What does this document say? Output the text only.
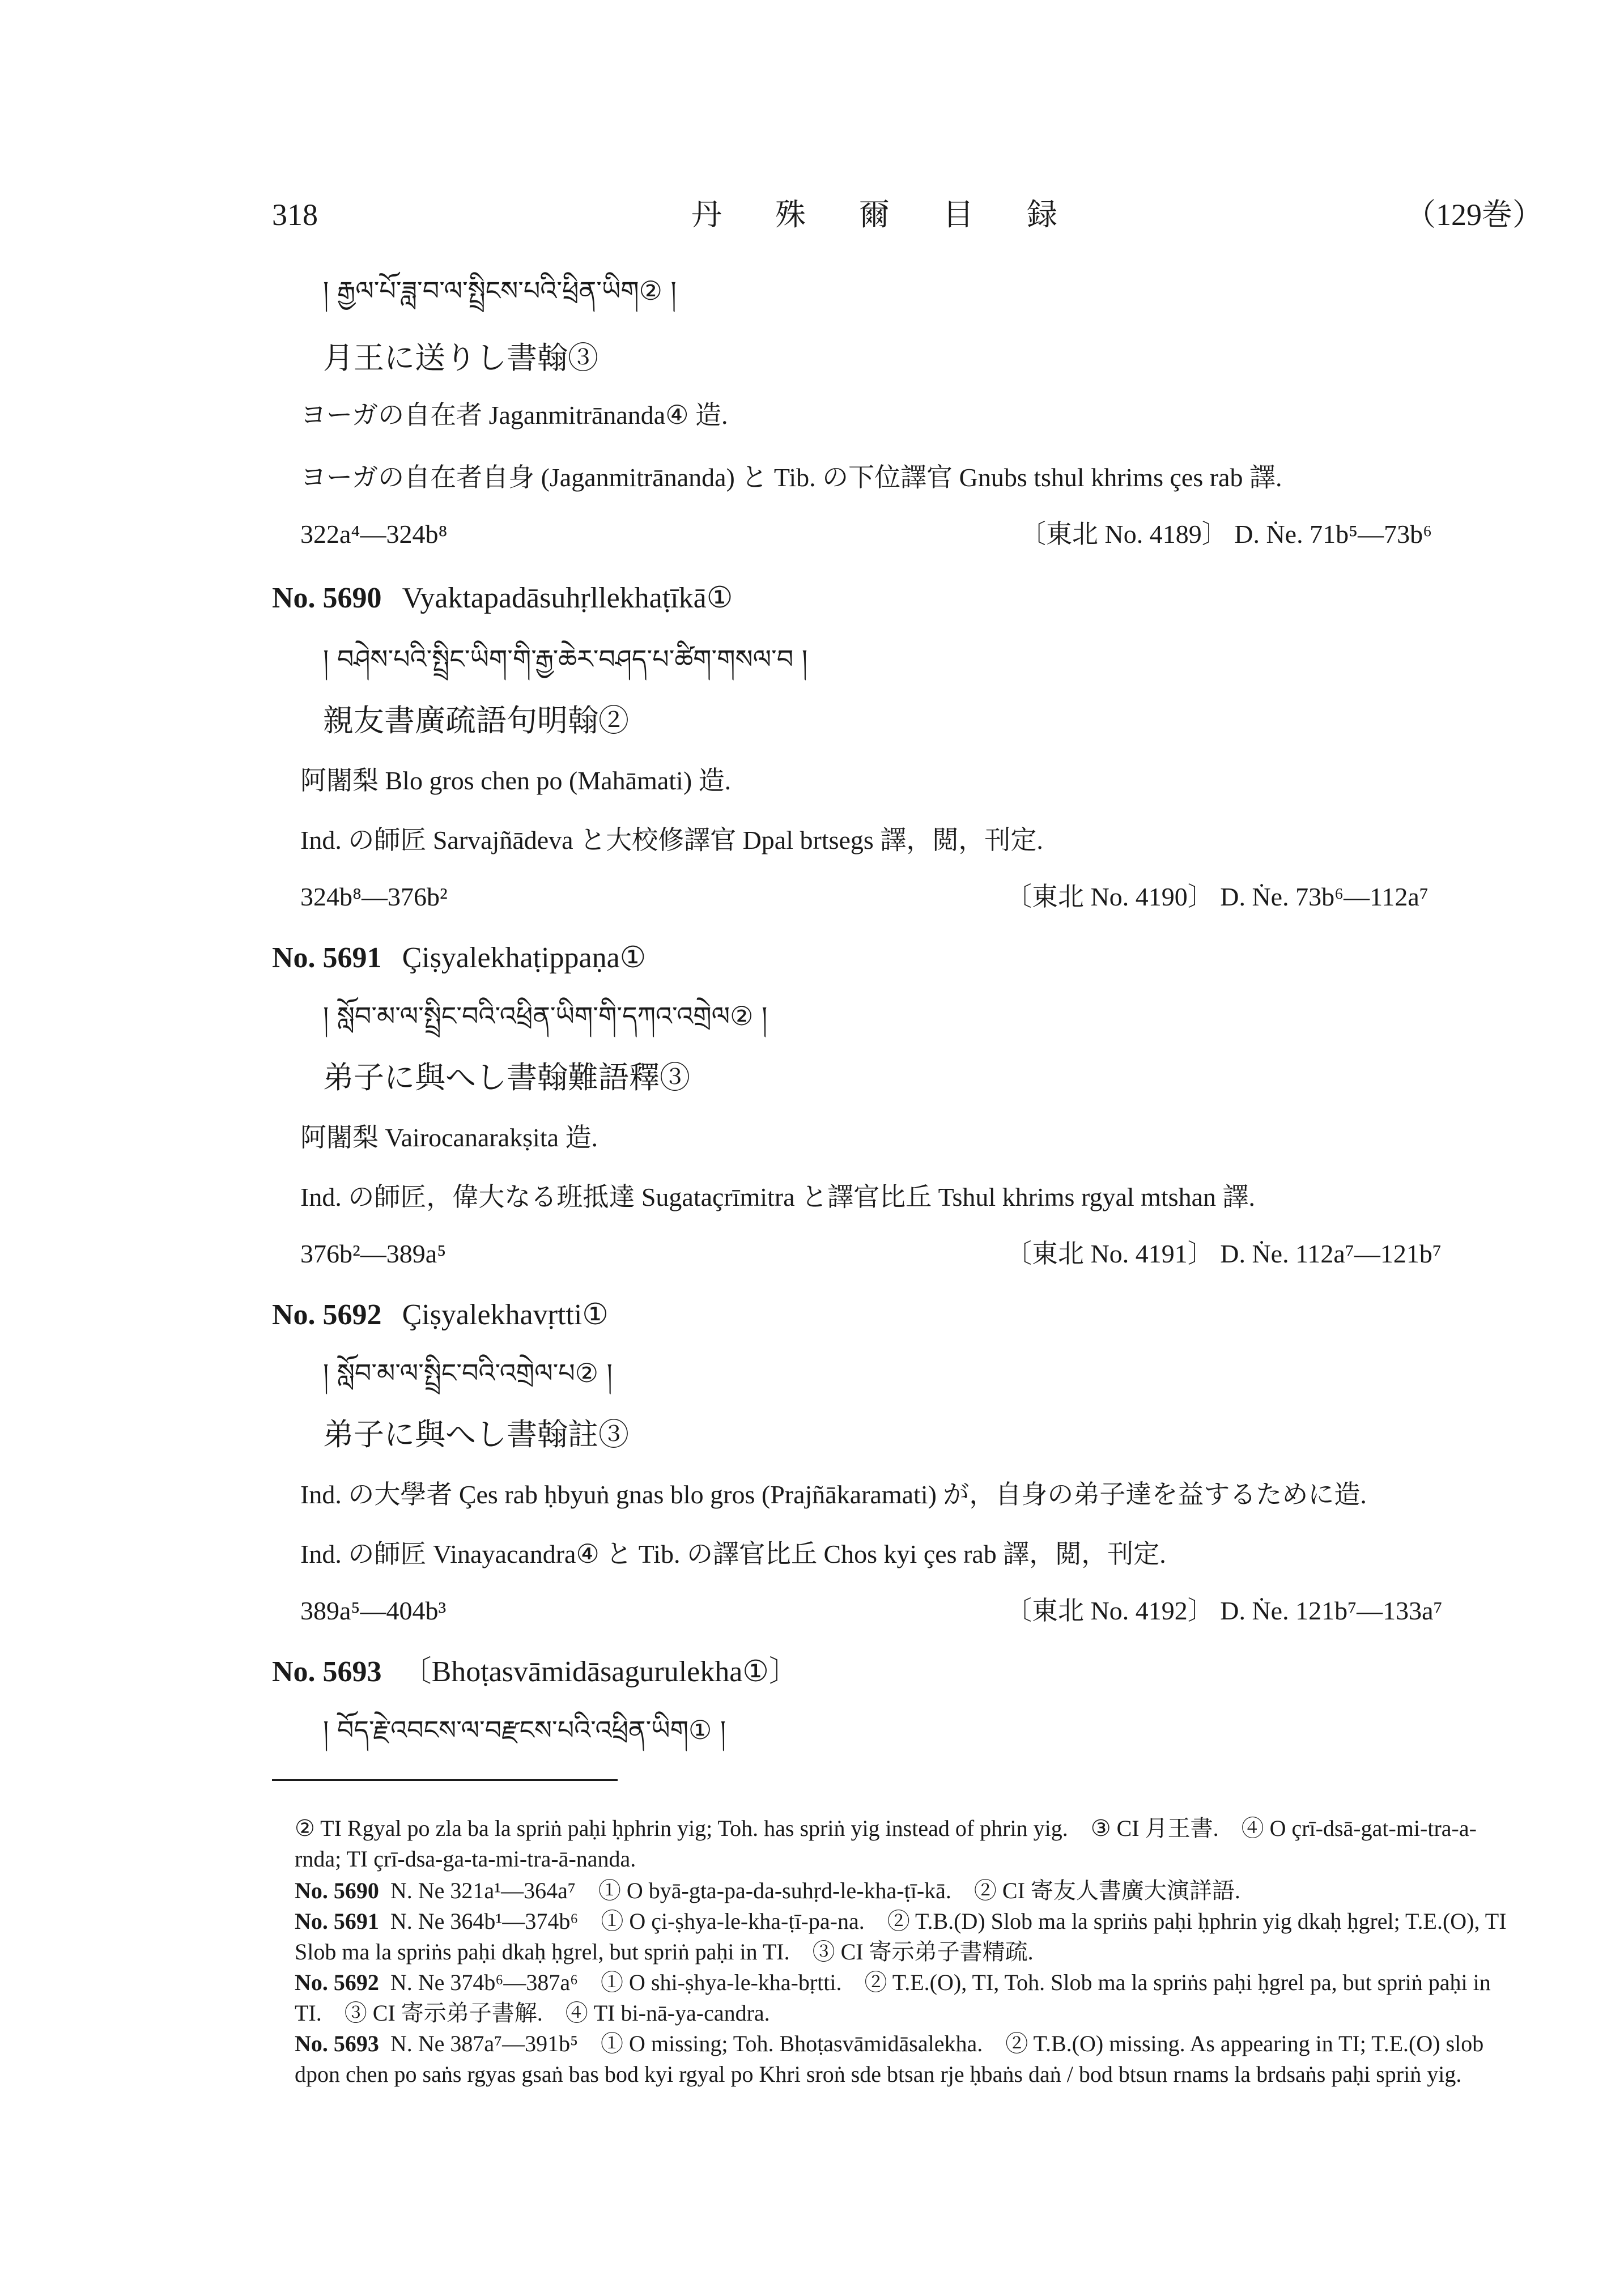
318	丹　殊　爾　目　録	（129巻）
། རྒྱལ་པོ་ཟླ་བ་ལ་སྤྲིངས་པའི་ཕྲིན་ཡིག② །
月王に送りし書翰③
ヨーガの自在者 Jaganmitrānanda④ 造.
ヨーガの自在者自身 (Jaganmitrānanda) と Tib. の下位譯官 Gnubs tshul khrims çes rab 譯.
322a⁴—324b⁸	〔東北 No. 4189〕 D. Ṅe. 71b⁵—73b⁶
། བཤེས་པའི་སྤྲིང་ཡིག་གི་རྒྱ་ཆེར་བཤད་པ་ཚིག་གསལ་བ །
親友書廣疏語句明翰②
阿闍梨 Blo gros chen po (Mahāmati) 造.
Ind. の師匠 Sarvajñādeva と大校修譯官 Dpal brtsegs 譯，閲，刊定.
324b⁸—376b²	〔東北 No. 4190〕 D. Ṅe. 73b⁶—112a⁷
། སློབ་མ་ལ་སྤྲིང་བའི་འཕྲིན་ཡིག་གི་དཀའ་འགྲེལ② །
弟子に與へし書翰難語釋③
阿闍梨 Vairocanarakṣita 造.
Ind. の師匠，偉大なる班抵達 Sugataçrīmitra と譯官比丘 Tshul khrims rgyal mtshan 譯.
376b²—389a⁵	〔東北 No. 4191〕 D. Ṅe. 112a⁷—121b⁷
། སློབ་མ་ལ་སྤྲིང་བའི་འགྲེལ་པ② །
弟子に與へし書翰註③
Ind. の大學者 Çes rab ḥbyuṅ gnas blo gros (Prajñākaramati) が，自身の弟子達を益するために造.
Ind. の師匠 Vinayacandra④ と Tib. の譯官比丘 Chos kyi çes rab 譯，閲，刊定.
389a⁵—404b³	〔東北 No. 4192〕 D. Ṅe. 121b⁷—133a⁷
། བོད་རྗེ་འབངས་ལ་བརྫངས་པའི་འཕྲིན་ཡིག① །
No. 5690 Vyaktapadāsuhṛllekhaṭīkā①
No. 5691 Çiṣyalekhaṭippaṇa①
No. 5692 Çiṣyalekhavṛtti①
No. 5693 〔Bhoṭasvāmidāsagurulekha①〕
② TI Rgyal po zla ba la spriṅ paḥi ḥphrin yig; Toh. has spriṅ yig instead of phrin yig.　③ CI 月王書.　④ O çrī-dsā-gat-mi-tra-a-rnda; TI çrī-dsa-ga-ta-mi-tra-ā-nanda.
No. 5690 N. Ne 321a¹—364a⁷　① O byā-gta-pa-da-suhṛd-le-kha-ṭī-kā.　② CI 寄友人書廣大演詳語.
No. 5691 N. Ne 364b¹—374b⁶　① O çi-ṣhya-le-kha-ṭī-pa-na.　② T.B.(D) Slob ma la spriṅs paḥi ḥphrin yig dkaḥ ḥgrel; T.E.(O), TI Slob ma la spriṅs paḥi dkaḥ ḥgrel, but spriṅ paḥi in TI.　③ CI 寄示弟子書精疏.
No. 5692 N. Ne 374b⁶—387a⁶　① O shi-ṣhya-le-kha-bṛtti.　② T.E.(O), TI, Toh. Slob ma la spriṅs paḥi ḥgrel pa, but spriṅ paḥi in TI.　③ CI 寄示弟子書解.　④ TI bi-nā-ya-candra.
No. 5693 N. Ne 387a⁷—391b⁵　① O missing; Toh. Bhoṭasvāmidāsalekha.　② T.B.(O) missing. As appearing in TI; T.E.(O) slob dpon chen po saṅs rgyas gsaṅ bas bod kyi rgyal po Khri sroṅ sde btsan rje ḥbaṅs daṅ / bod btsun rnams la brdsaṅs paḥi spriṅ yig.
